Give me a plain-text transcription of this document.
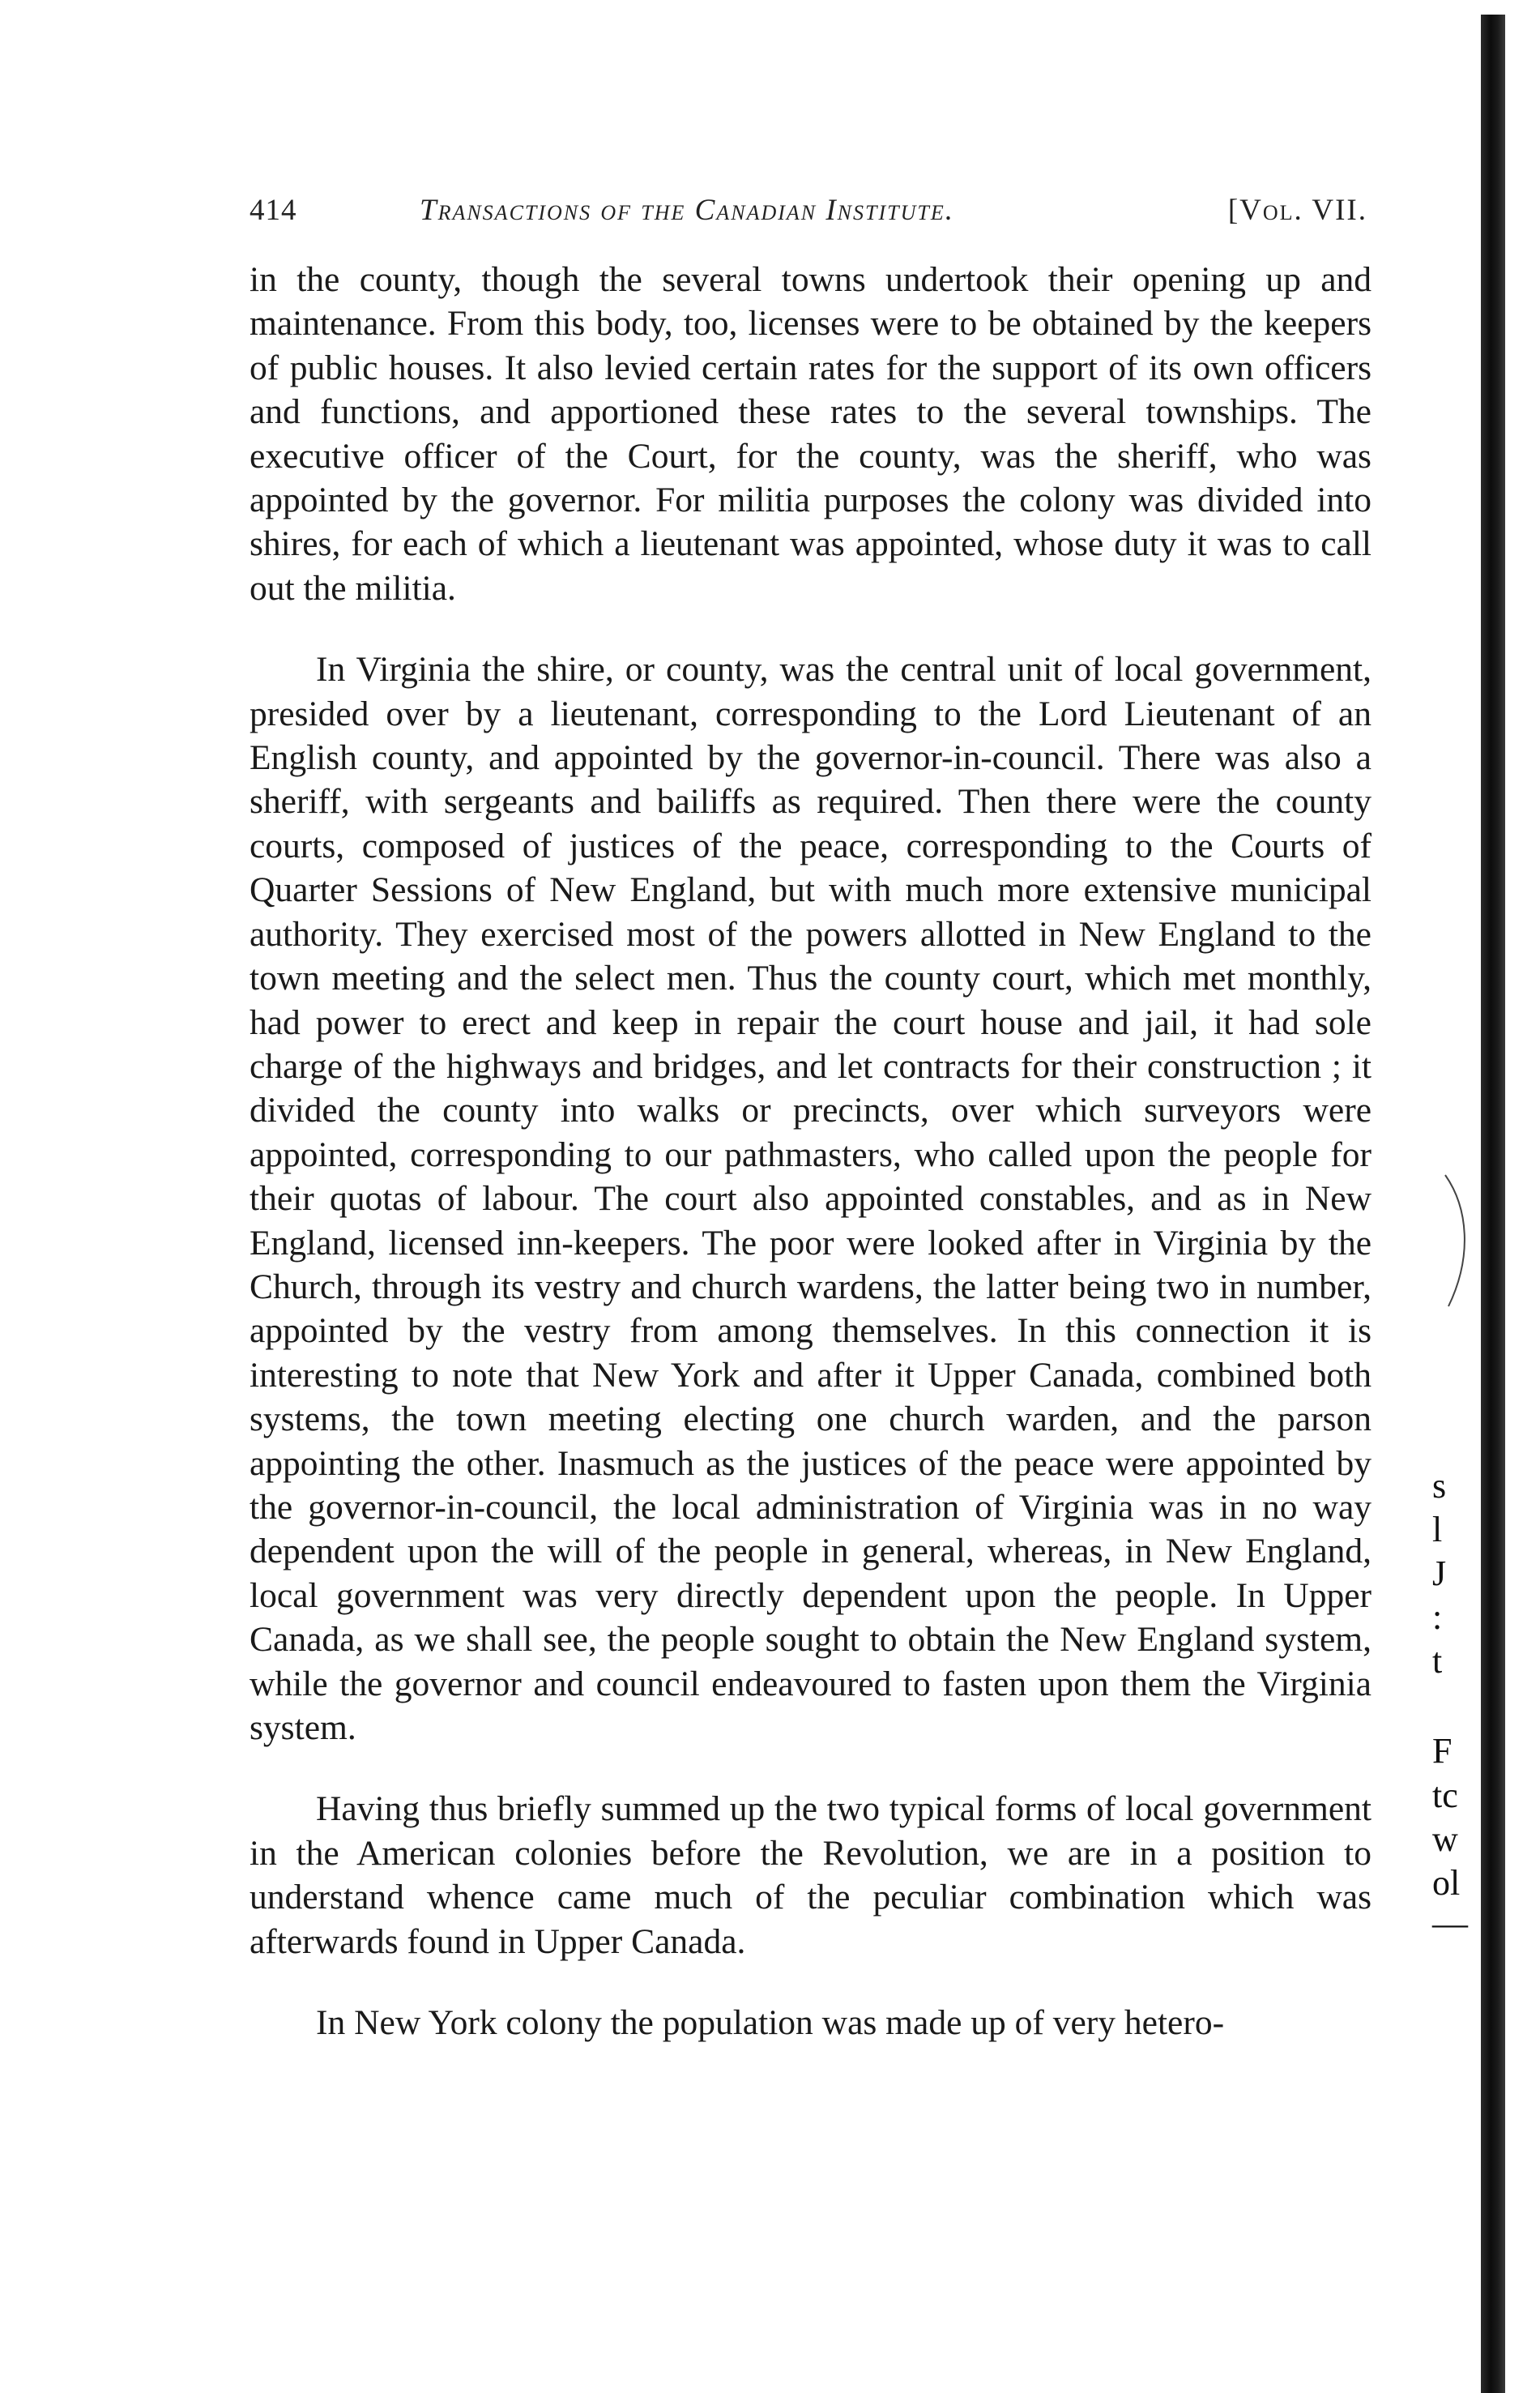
414	Transactions of the Canadian Institute.	[Vol. VII.

in the county, though the several towns undertook their opening up and maintenance. From this body, too, licenses were to be obtained by the keepers of public houses. It also levied certain rates for the support of its own officers and functions, and apportioned these rates to the several townships. The executive officer of the Court, for the county, was the sheriff, who was appointed by the governor. For militia purposes the colony was divided into shires, for each of which a lieutenant was appointed, whose duty it was to call out the militia.

In Virginia the shire, or county, was the central unit of local government, presided over by a lieutenant, corresponding to the Lord Lieutenant of an English county, and appointed by the governor-in-council. There was also a sheriff, with sergeants and bailiffs as required. Then there were the county courts, composed of justices of the peace, corresponding to the Courts of Quarter Sessions of New England, but with much more extensive municipal authority. They exercised most of the powers allotted in New England to the town meeting and the select men. Thus the county court, which met monthly, had power to erect and keep in repair the court house and jail, it had sole charge of the highways and bridges, and let contracts for their construction ; it divided the county into walks or precincts, over which surveyors were appointed, corresponding to our pathmasters, who called upon the people for their quotas of labour. The court also appointed constables, and as in New England, licensed inn-keepers. The poor were looked after in Virginia by the Church, through its vestry and church wardens, the latter being two in number, appointed by the vestry from among themselves. In this connection it is interesting to note that New York and after it Upper Canada, combined both systems, the town meeting electing one church warden, and the parson appointing the other. Inasmuch as the justices of the peace were appointed by the governor-in-council, the local administration of Virginia was in no way dependent upon the will of the people in general, whereas, in New England, local government was very directly dependent upon the people. In Upper Canada, as we shall see, the people sought to obtain the New England system, while the governor and council endeavoured to fasten upon them the Virginia system.

Having thus briefly summed up the two typical forms of local government in the American colonies before the Revolution, we are in a position to understand whence came much of the peculiar combination which was afterwards found in Upper Canada.

In New York colony the population was made up of very hetero-

s
l
J
:
t
F
tc
w
ol
—
